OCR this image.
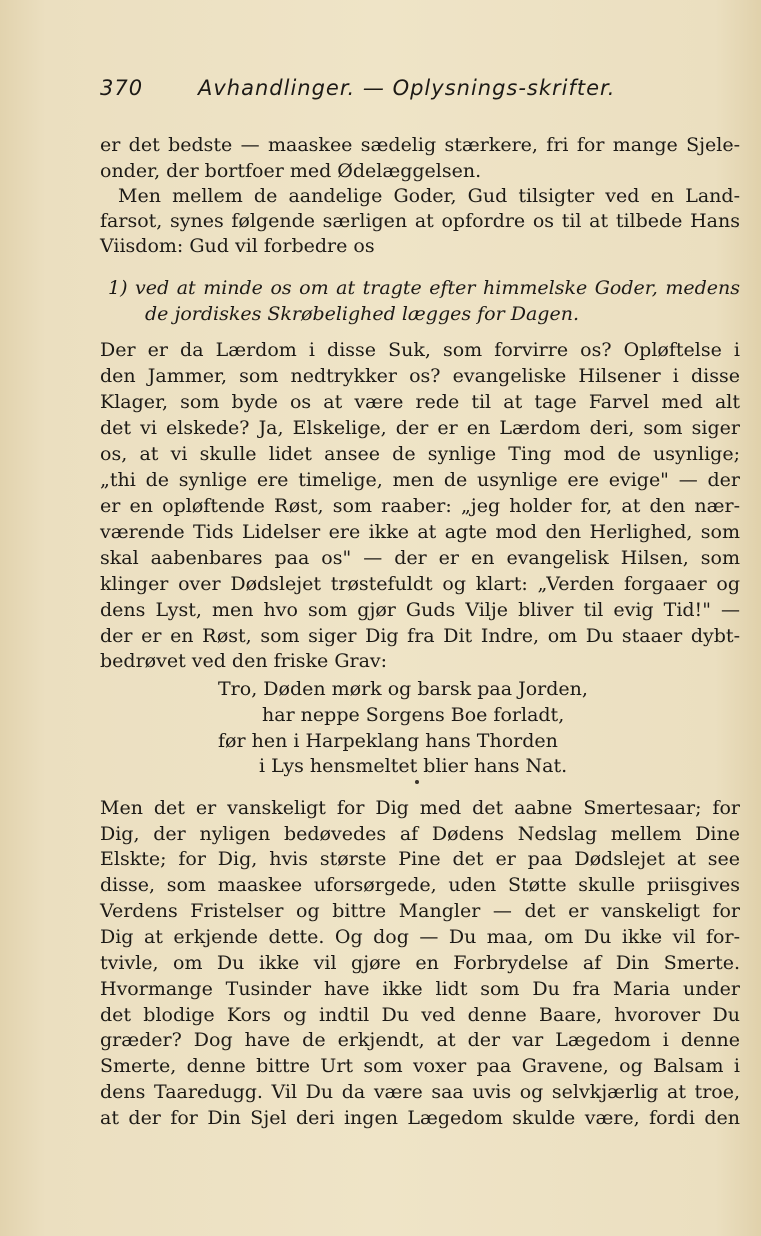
370	Avhandlinger. — Oplysnings-skrifter.
er det bedste — maaskee sædelig stærkere, fri for mange Sjele-
onder, der bortfoer med Ødelæggelsen.
Men mellem de aandelige Goder, Gud tilsigter ved en Land-
farsot, synes følgende særligen at opfordre os til at tilbede Hans
Viisdom: Gud vil forbedre os
1) ved at minde os om at tragte efter himmelske Goder, medens
de jordiskes Skrøbelighed lægges for Dagen.
Der er da Lærdom i disse Suk, som forvirre os? Opløftelse i
den Jammer, som nedtrykker os? evangeliske Hilsener i disse
Klager, som byde os at være rede til at tage Farvel med alt
det vi elskede? Ja, Elskelige, der er en Lærdom deri, som siger
os, at vi skulle lidet ansee de synlige Ting mod de usynlige;
„thi de synlige ere timelige, men de usynlige ere evige" — der
er en opløftende Røst, som raaber: „jeg holder for, at den nær-
værende Tids Lidelser ere ikke at agte mod den Herlighed, som
skal aabenbares paa os" — der er en evangelisk Hilsen, som
klinger over Dødslejet trøstefuldt og klart: „Verden forgaaer og
dens Lyst, men hvo som gjør Guds Vilje bliver til evig Tid!" —
der er en Røst, som siger Dig fra Dit Indre, om Du staaer dybt-
bedrøvet ved den friske Grav:
Tro, Døden mørk og barsk paa Jorden,
har neppe Sorgens Boe forladt,
før hen i Harpeklang hans Thorden
i Lys hensmeltet blier hans Nat.
Men det er vanskeligt for Dig med det aabne Smertesaar; for
Dig, der nyligen bedøvedes af Dødens Nedslag mellem Dine
Elskte; for Dig, hvis største Pine det er paa Dødslejet at see
disse, som maaskee uforsørgede, uden Støtte skulle priisgives
Verdens Fristelser og bittre Mangler — det er vanskeligt for
Dig at erkjende dette. Og dog — Du maa, om Du ikke vil for-
tvivle, om Du ikke vil gjøre en Forbrydelse af Din Smerte.
Hvormange Tusinder have ikke lidt som Du fra Maria under
det blodige Kors og indtil Du ved denne Baare, hvorover Du
græder? Dog have de erkjendt, at der var Lægedom i denne
Smerte, denne bittre Urt som voxer paa Gravene, og Balsam i
dens Taaredugg. Vil Du da være saa uvis og selvkjærlig at troe,
at der for Din Sjel deri ingen Lægedom skulde være, fordi den
